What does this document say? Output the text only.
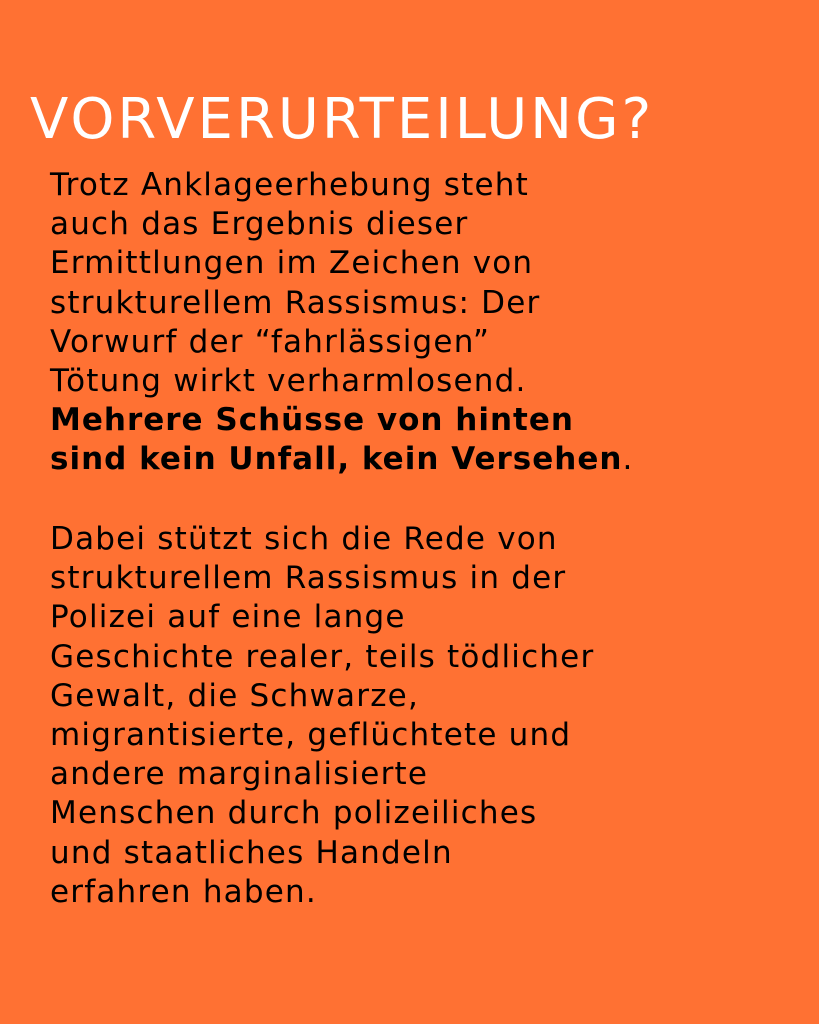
VORVERURTEILUNG?
Trotz Anklageerhebung steht
auch das Ergebnis dieser
Ermittlungen im Zeichen von
strukturellem Rassismus: Der
Vorwurf der “fahrlässigen”
Tötung wirkt verharmlosend.
Mehrere Schüsse von hinten
sind kein Unfall, kein Versehen.
Dabei stützt sich die Rede von
strukturellem Rassismus in der
Polizei auf eine lange
Geschichte realer, teils tödlicher
Gewalt, die Schwarze,
migrantisierte, geflüchtete und
andere marginalisierte
Menschen durch polizeiliches
und staatliches Handeln
erfahren haben.
